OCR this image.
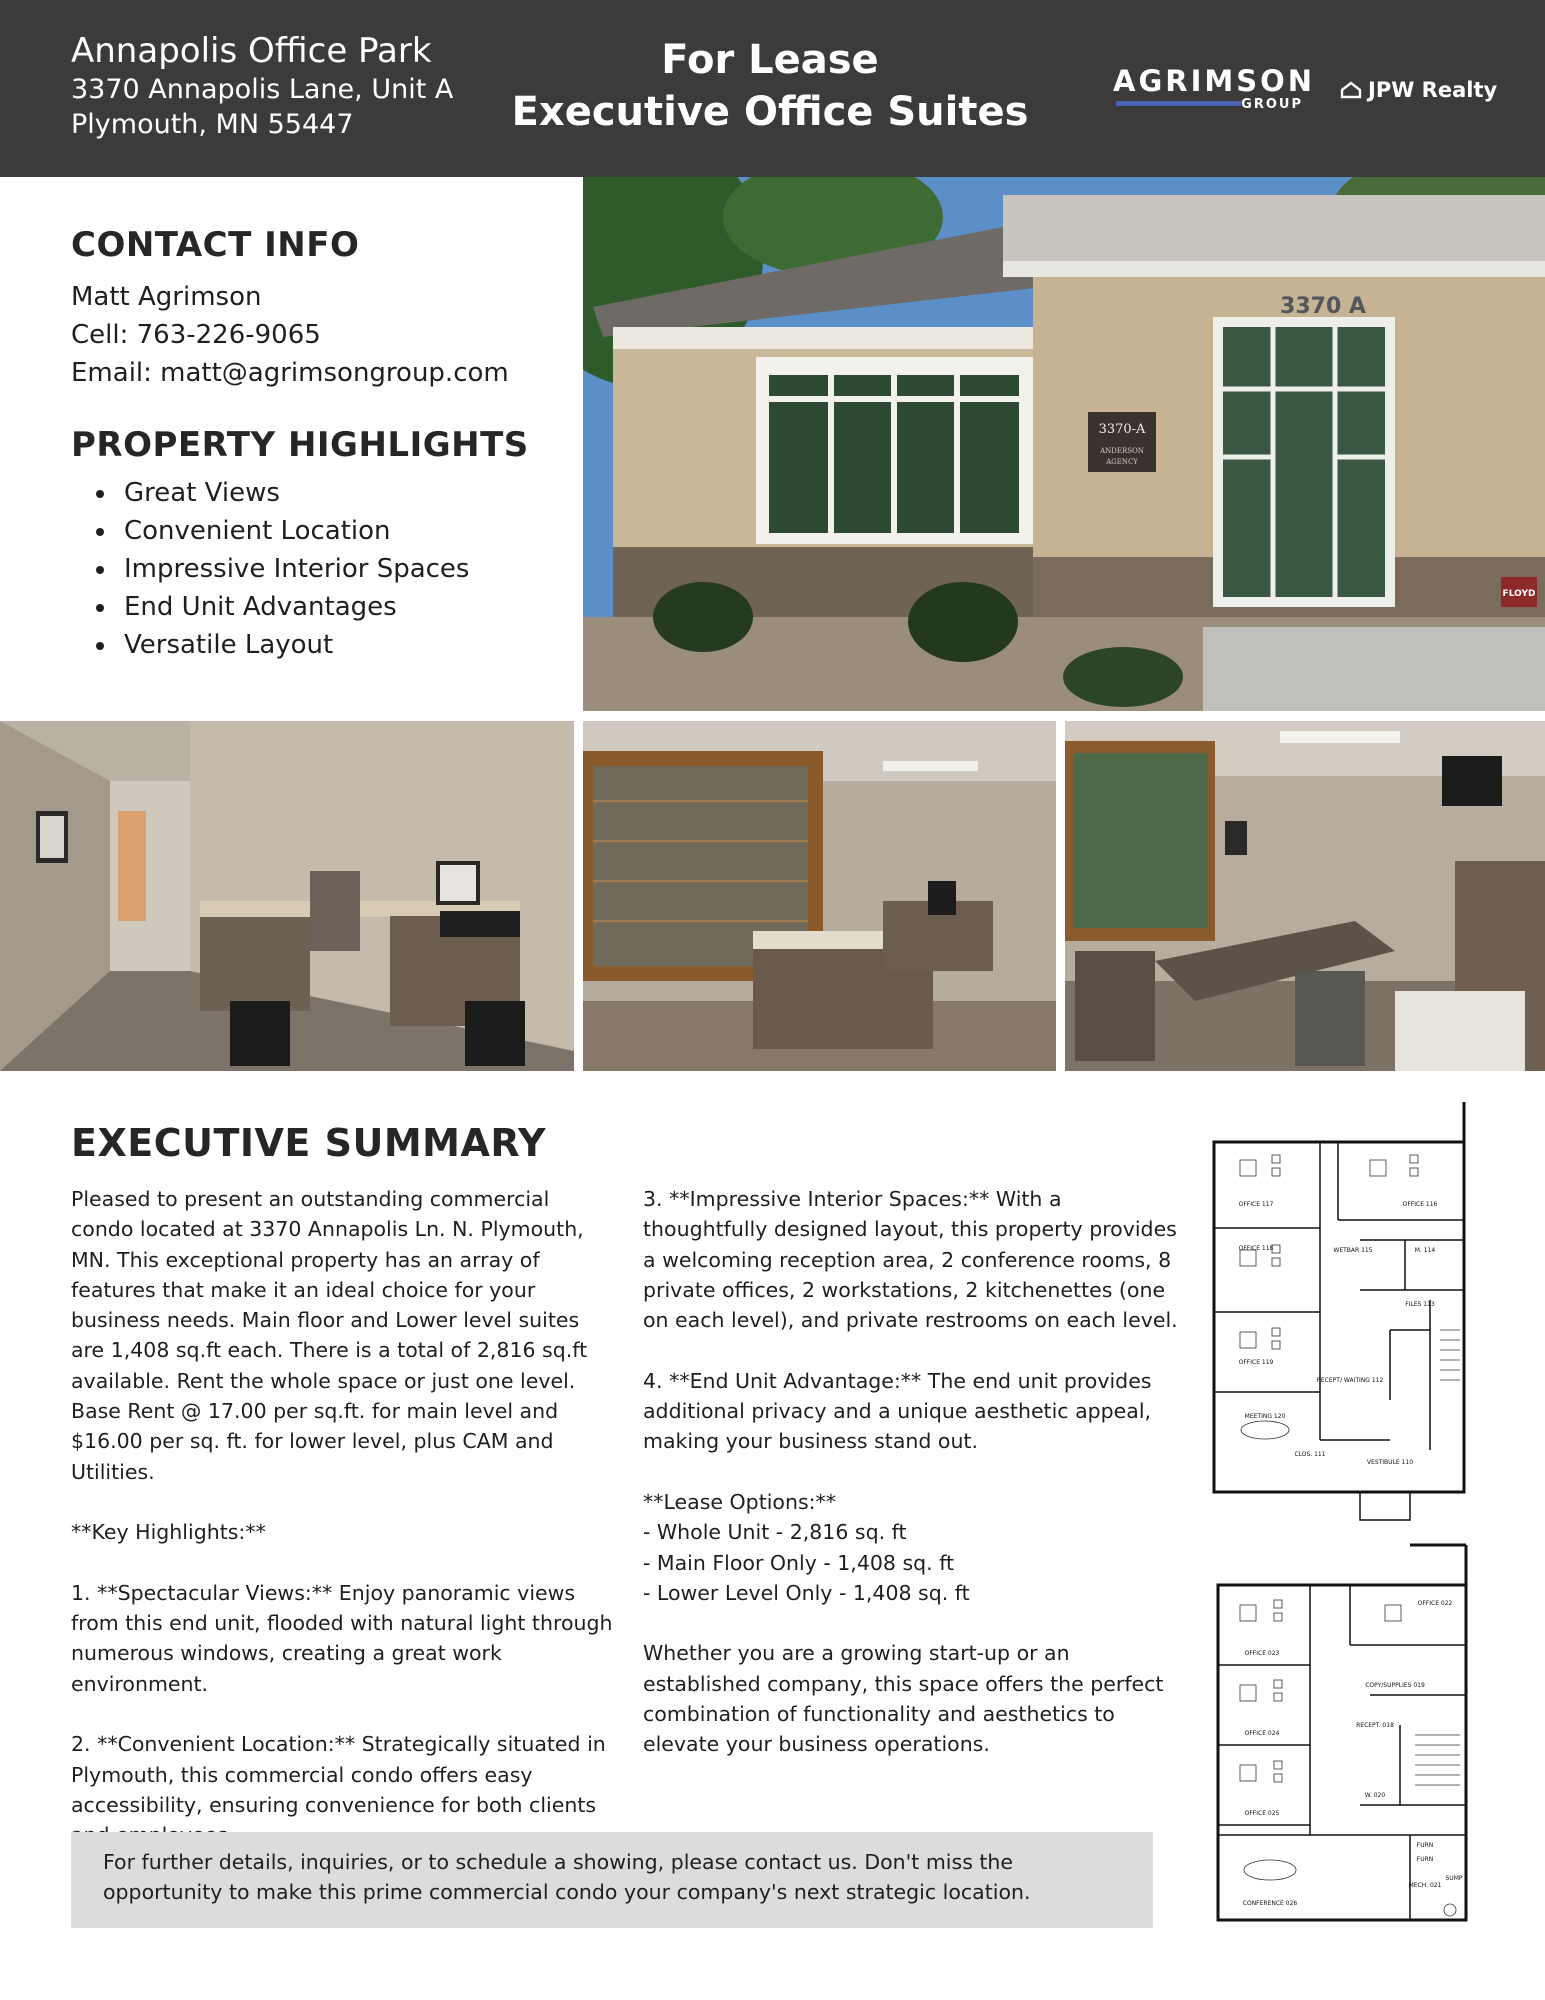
Annapolis Office Park
3370 Annapolis Lane, Unit A
Plymouth, MN 55447
For Lease
Executive Office Suites
AGRIMSON
GROUP
JPW Realty
CONTACT INFO
Matt Agrimson
Cell: 763-226-9065
Email: matt@agrimsongroup.com
PROPERTY HIGHLIGHTS
• Great Views
• Convenient Location
• Impressive Interior Spaces
• End Unit Advantages
• Versatile Layout
3370-A
ANDERSON
AGENCY
3370 A
FLOYD
EXECUTIVE SUMMARY

Pleased to present an outstanding commercial condo located at 3370 Annapolis Ln. N. Plymouth, MN. This exceptional property has an array of features that make it an ideal choice for your business needs. Main floor and Lower level suites are 1,408 sq.ft each. There is a total of 2,816 sq.ft available. Rent the whole space or just one level. Base Rent @ 17.00 per sq.ft. for main level and $16.00 per sq. ft. for lower level, plus CAM and Utilities.

**Key Highlights:**

1. **Spectacular Views:** Enjoy panoramic views from this end unit, flooded with natural light through numerous windows, creating a great work environment.

2. **Convenient Location:** Strategically situated in Plymouth, this commercial condo offers easy accessibility, ensuring convenience for both clients

3. **Impressive Interior Spaces:** With a thoughtfully designed layout, this property provides a welcoming reception area, 2 conference rooms, 8 private offices, 2 workstations, 2 kitchenettes (one on each level), and private restrooms on each level.

4. **End Unit Advantage:** The end unit provides additional privacy and a unique aesthetic appeal, making your business stand out.

**Lease Options:**
- Whole Unit - 2,816 sq. ft
- Main Floor Only - 1,408 sq. ft
- Lower Level Only - 1,408 sq. ft

Whether you are a growing start-up or an established company, this space offers the perfect combination of functionality and aesthetics to elevate your business operations.

For further details, inquiries, or to schedule a showing, please contact us. Don't miss the opportunity to make this prime commercial condo your company's next strategic location.
OFFICE 117	OFFICE 116
OFFICE 118	WETBAR 115	M. 114
FILES 113
OFFICE 119
RECEPT/ WAITING 112
MEETING 120
CLOS. 111
VESTIBULE 110
OFFICE 022
OFFICE 023
COPY/SUPPLIES 019
OFFICE 024
RECEPT. 018
OFFICE 025
W. 020
FURN
FURN
MECH. 021
CONFERENCE 026
SUMP
